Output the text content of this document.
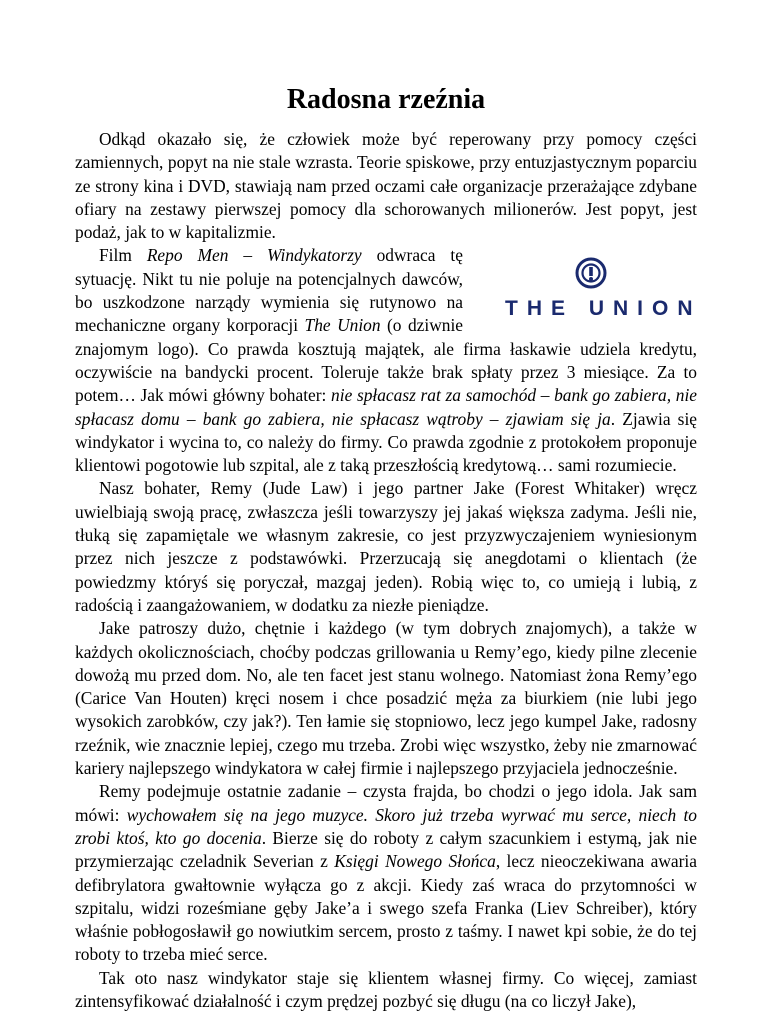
Radosna rzeźnia

Odkąd okazało się, że człowiek może być reperowany przy pomocy części zamiennych, popyt na nie stale wzrasta. Teorie spiskowe, przy entuzjastycznym poparciu ze strony kina i DVD, stawiają nam przed oczami całe organizacje przerażające zdybane ofiary na zestawy pierwszej pomocy dla schorowanych milionerów. Jest popyt, jest podaż, jak to w kapitalizmie.

Film Repo Men – Windykatorzy
THE UNION
odwraca tę sytuację. Nikt tu nie poluje na potencjalnych dawców, bo uszkodzone narządy wymienia się rutynowo na mechaniczne organy korporacji The Union (o dziwnie znajomym logo). Co prawda kosztują majątek, ale firma łaskawie udziela kredytu, oczywiście na bandycki procent. Toleruje także brak spłaty przez 3 miesiące. Za to potem… Jak mówi główny bohater: nie spłacasz rat za samochód – bank go zabiera, nie spłacasz domu – bank go zabiera, nie spłacasz wątroby – zjawiam się ja. Zjawia się windykator i wycina to, co należy do firmy. Co prawda zgodnie z protokołem proponuje klientowi pogotowie lub szpital, ale z taką przeszłością kredytową… sami rozumiecie.

Nasz bohater, Remy (Jude Law) i jego partner Jake (Forest Whitaker) wręcz uwielbiają swoją pracę, zwłaszcza jeśli towarzyszy jej jakaś większa zadyma. Jeśli nie, tłuką się zapamiętale we własnym zakresie, co jest przyzwyczajeniem wyniesionym przez nich jeszcze z podstawówki. Przerzucają się anegdotami o klientach (że powiedzmy któryś się poryczał, mazgaj jeden). Robią więc to, co umieją i lubią, z radością i zaangażowaniem, w dodatku za niezłe pieniądze.

Jake patroszy dużo, chętnie i każdego (w tym dobrych znajomych), a także w każdych okolicznościach, choćby podczas grillowania u Remy’ego, kiedy pilne zlecenie dowożą mu przed dom. No, ale ten facet jest stanu wolnego. Natomiast żona Remy’ego (Carice Van Houten) kręci nosem i chce posadzić męża za biurkiem (nie lubi jego wysokich zarobków, czy jak?). Ten łamie się stopniowo, lecz jego kumpel Jake, radosny rzeźnik, wie znacznie lepiej, czego mu trzeba. Zrobi więc wszystko, żeby nie zmarnować kariery najlepszego windykatora w całej firmie i najlepszego przyjaciela jednocześnie.

Remy podejmuje ostatnie zadanie – czysta frajda, bo chodzi o jego idola. Jak sam mówi: wychowałem się na jego muzyce. Skoro już trzeba wyrwać mu serce, niech to zrobi ktoś, kto go docenia. Bierze się do roboty z całym szacunkiem i estymą, jak nie przymierzając czeladnik Severian z Księgi Nowego Słońca, lecz nieoczekiwana awaria defibrylatora gwałtownie wyłącza go z akcji. Kiedy zaś wraca do przytomności w szpitalu, widzi roześmiane gęby Jake’a i swego szefa Franka (Liev Schreiber), który właśnie pobłogosławił go nowiutkim sercem, prosto z taśmy. I nawet kpi sobie, że do tej roboty to trzeba mieć serce.

Tak oto nasz windykator staje się klientem własnej firmy. Co więcej, zamiast zintensyfikować działalność i czym prędzej pozbyć się długu (na co liczył Jake),
